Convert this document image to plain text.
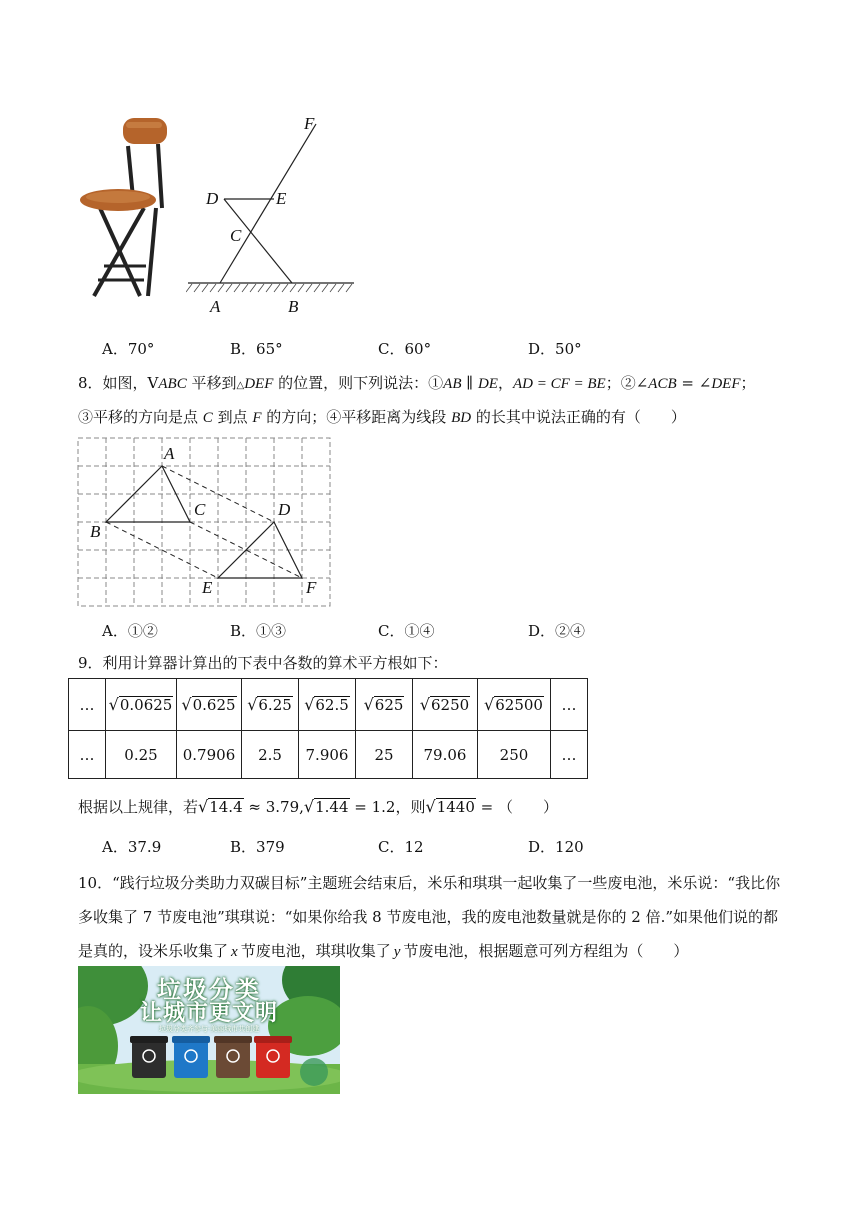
F
D	E
C
A	B
A．70°	B．65°	C．60°	D．50°
8．如图，VABC 平移到△DEF 的位置，则下列说法：①AB ∥ DE，AD = CF = BE；②∠ACB = ∠DEF；
③平移的方向是点 C 到点 F 的方向；④平移距离为线段 BD 的长其中说法正确的有（　　）
A
B
C	D
E	F
A．①②	B．①③	C．①④	D．②④
9．利用计算器计算出的下表中各数的算术平方根如下：
…	√0.0625	√0.625	√6.25	√62.5	√625	√6250	√62500	…
…	0.25	0.7906	2.5	7.906	25	79.06	250	…
根据以上规律，若√14.4 ≈ 3.79,√1.44 = 1.2，则√1440 = （　　）
A．37.9	B．379	C．12	D．120
10．“践行垃圾分类助力双碳目标”主题班会结束后，米乐和琪琪一起收集了一些废电池，米乐说：“我比你
多收集了 7 节废电池”琪琪说：“如果你给我 8 节废电池，我的废电池数量就是你的 2 倍.”如果他们说的都
是真的，设米乐收集了 x 节废电池，琪琪收集了 y 节废电池，根据题意可列方程组为（　　）
垃圾分类
让城市更文明
垃圾分类齐参与·美丽城市共创建
